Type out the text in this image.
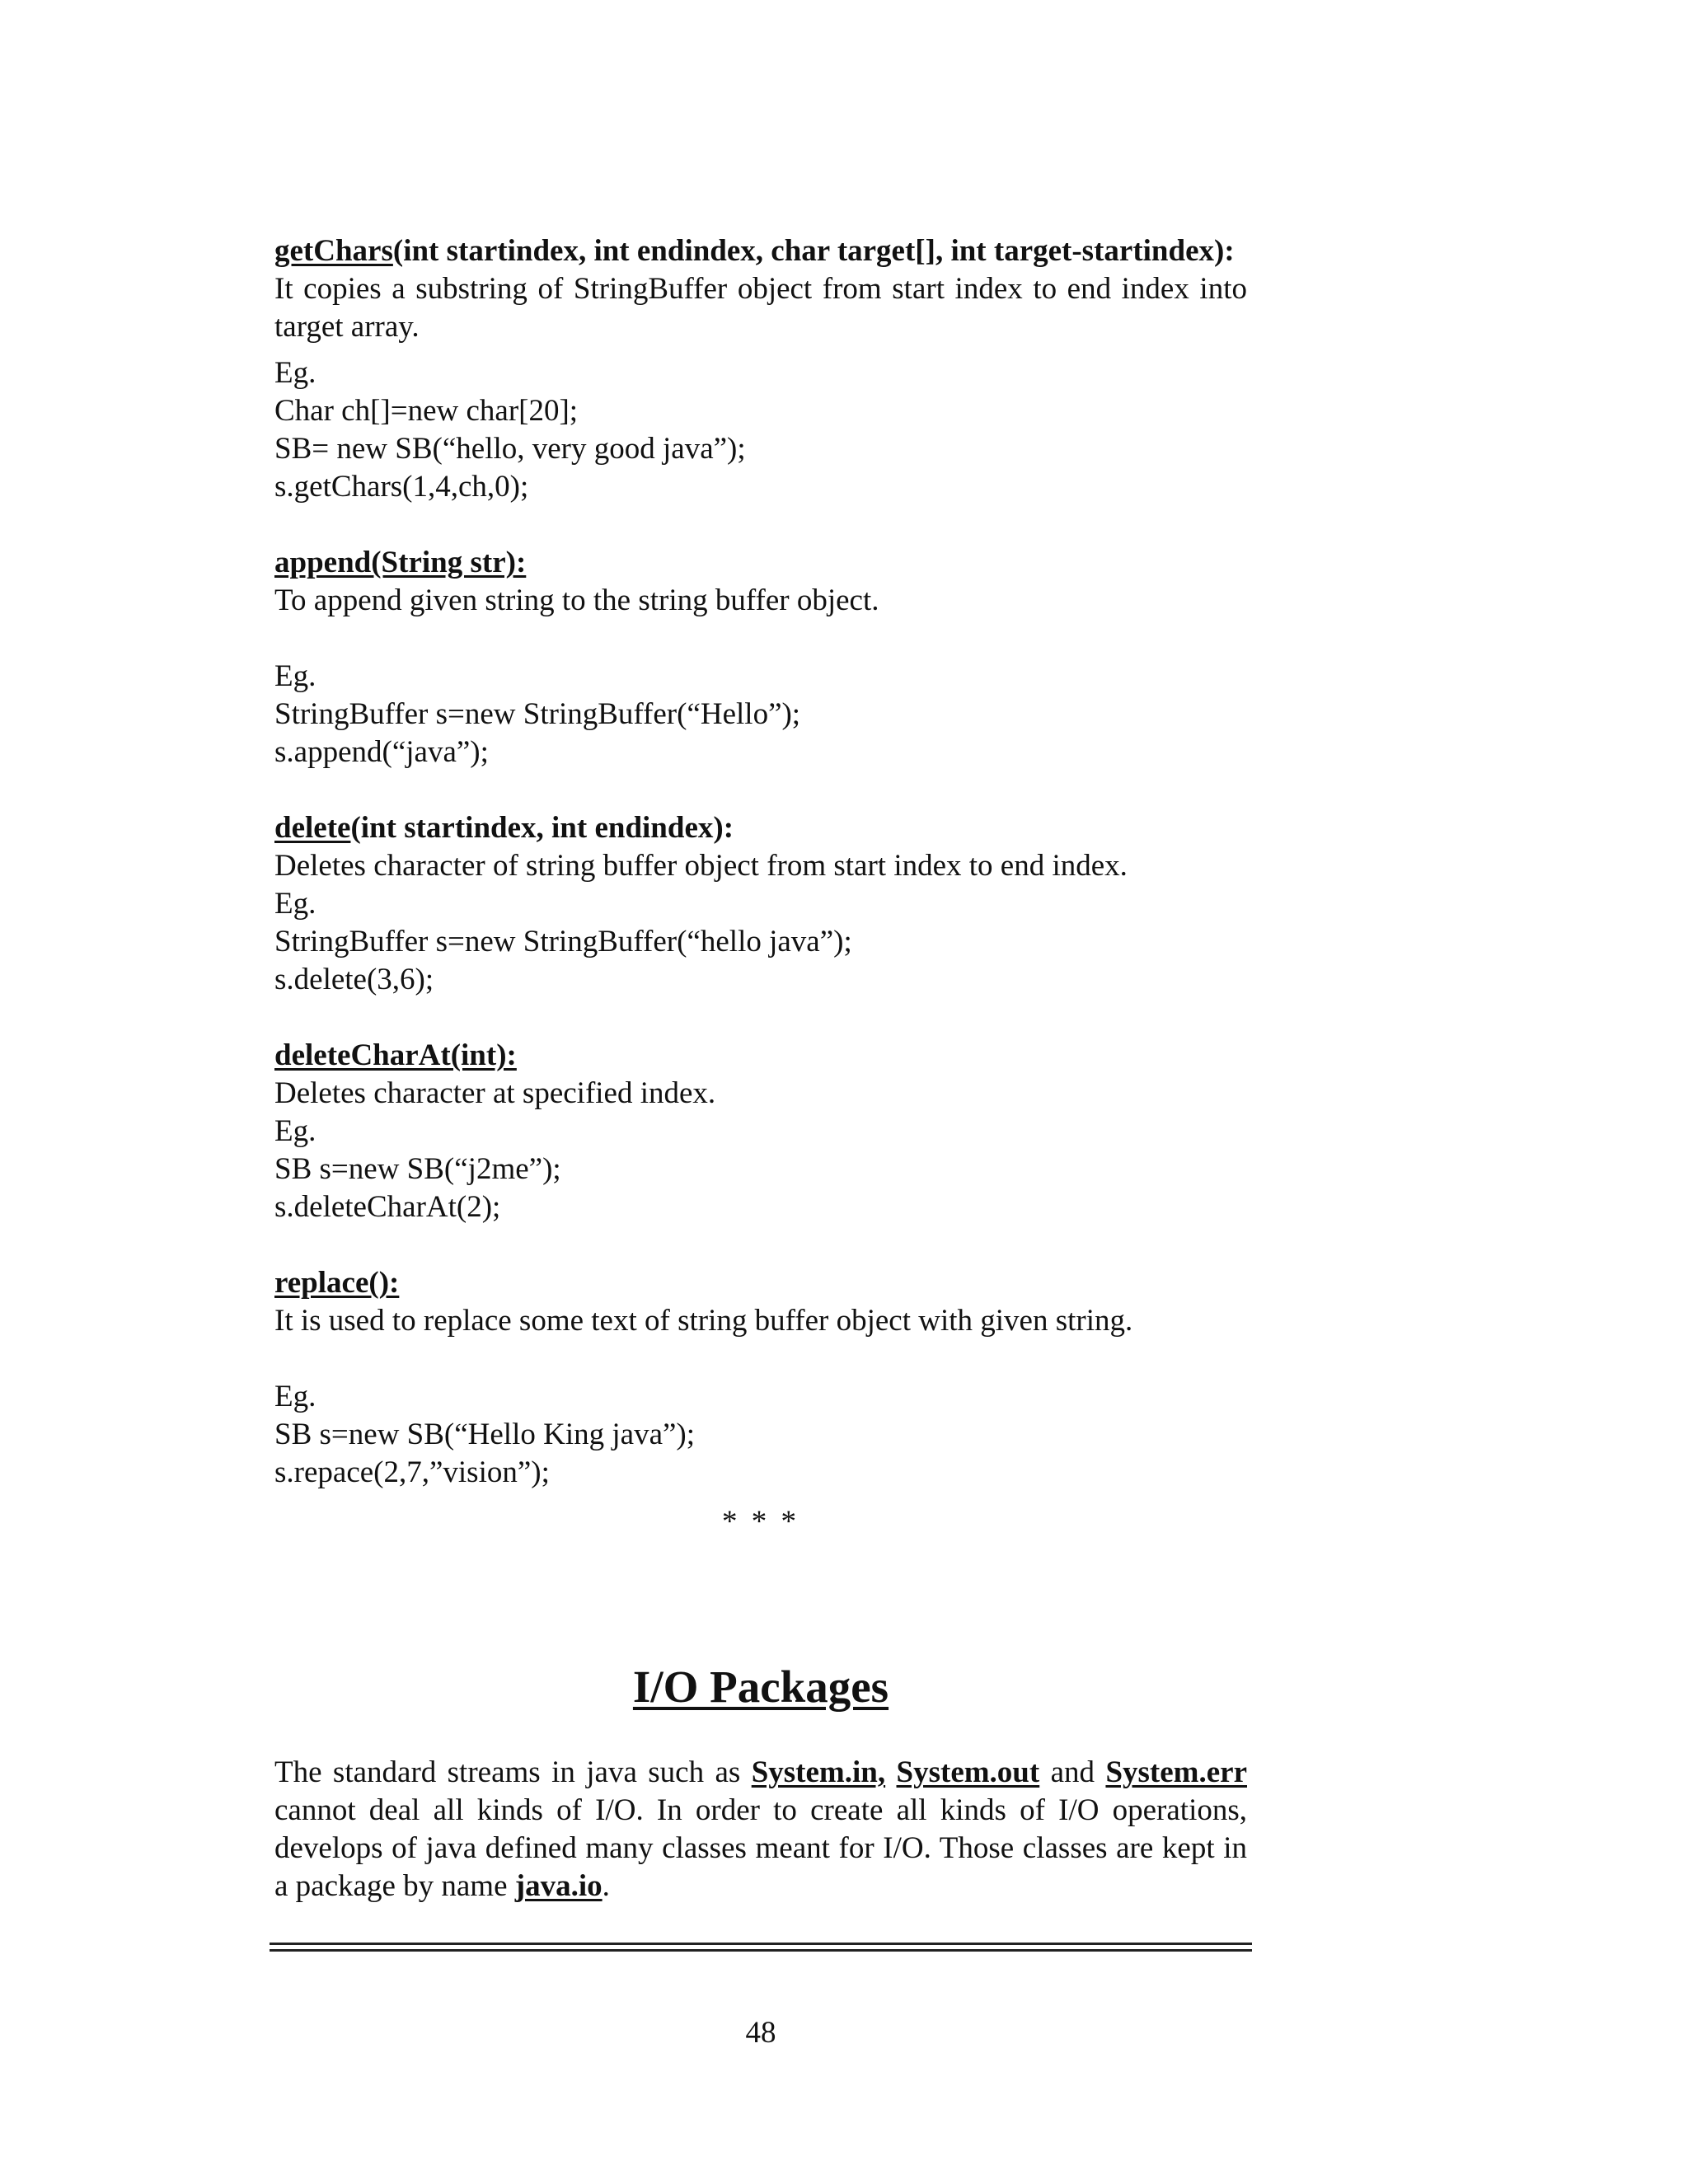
getChars(int startindex, int endindex, char target[], int target-startindex):

It copies a substring of StringBuffer object from start index to end index into target array.

Eg.

Char ch[]=new char[20];

SB= new SB(“hello, very good java”);

s.getChars(1,4,ch,0);

append(String str):

To append given string to the string buffer object.

Eg.

StringBuffer s=new StringBuffer(“Hello”);

s.append(“java”);

delete(int startindex, int endindex):

Deletes character of string buffer object from start index to end index.

Eg.

StringBuffer s=new StringBuffer(“hello java”);

s.delete(3,6);

deleteCharAt(int):

Deletes character at specified index.

Eg.

SB s=new SB(“j2me”);

s.deleteCharAt(2);

replace():

It is used to replace some text of string buffer object with given string.

Eg.

SB s=new SB(“Hello King java”);

s.repace(2,7,”vision”);

* * *
I/O Packages

The standard streams in java such as System.in, System.out and System.err cannot deal all kinds of I/O. In order to create all kinds of I/O operations, develops of java defined many classes meant for I/O. Those classes are kept in a package by name java.io.

48
